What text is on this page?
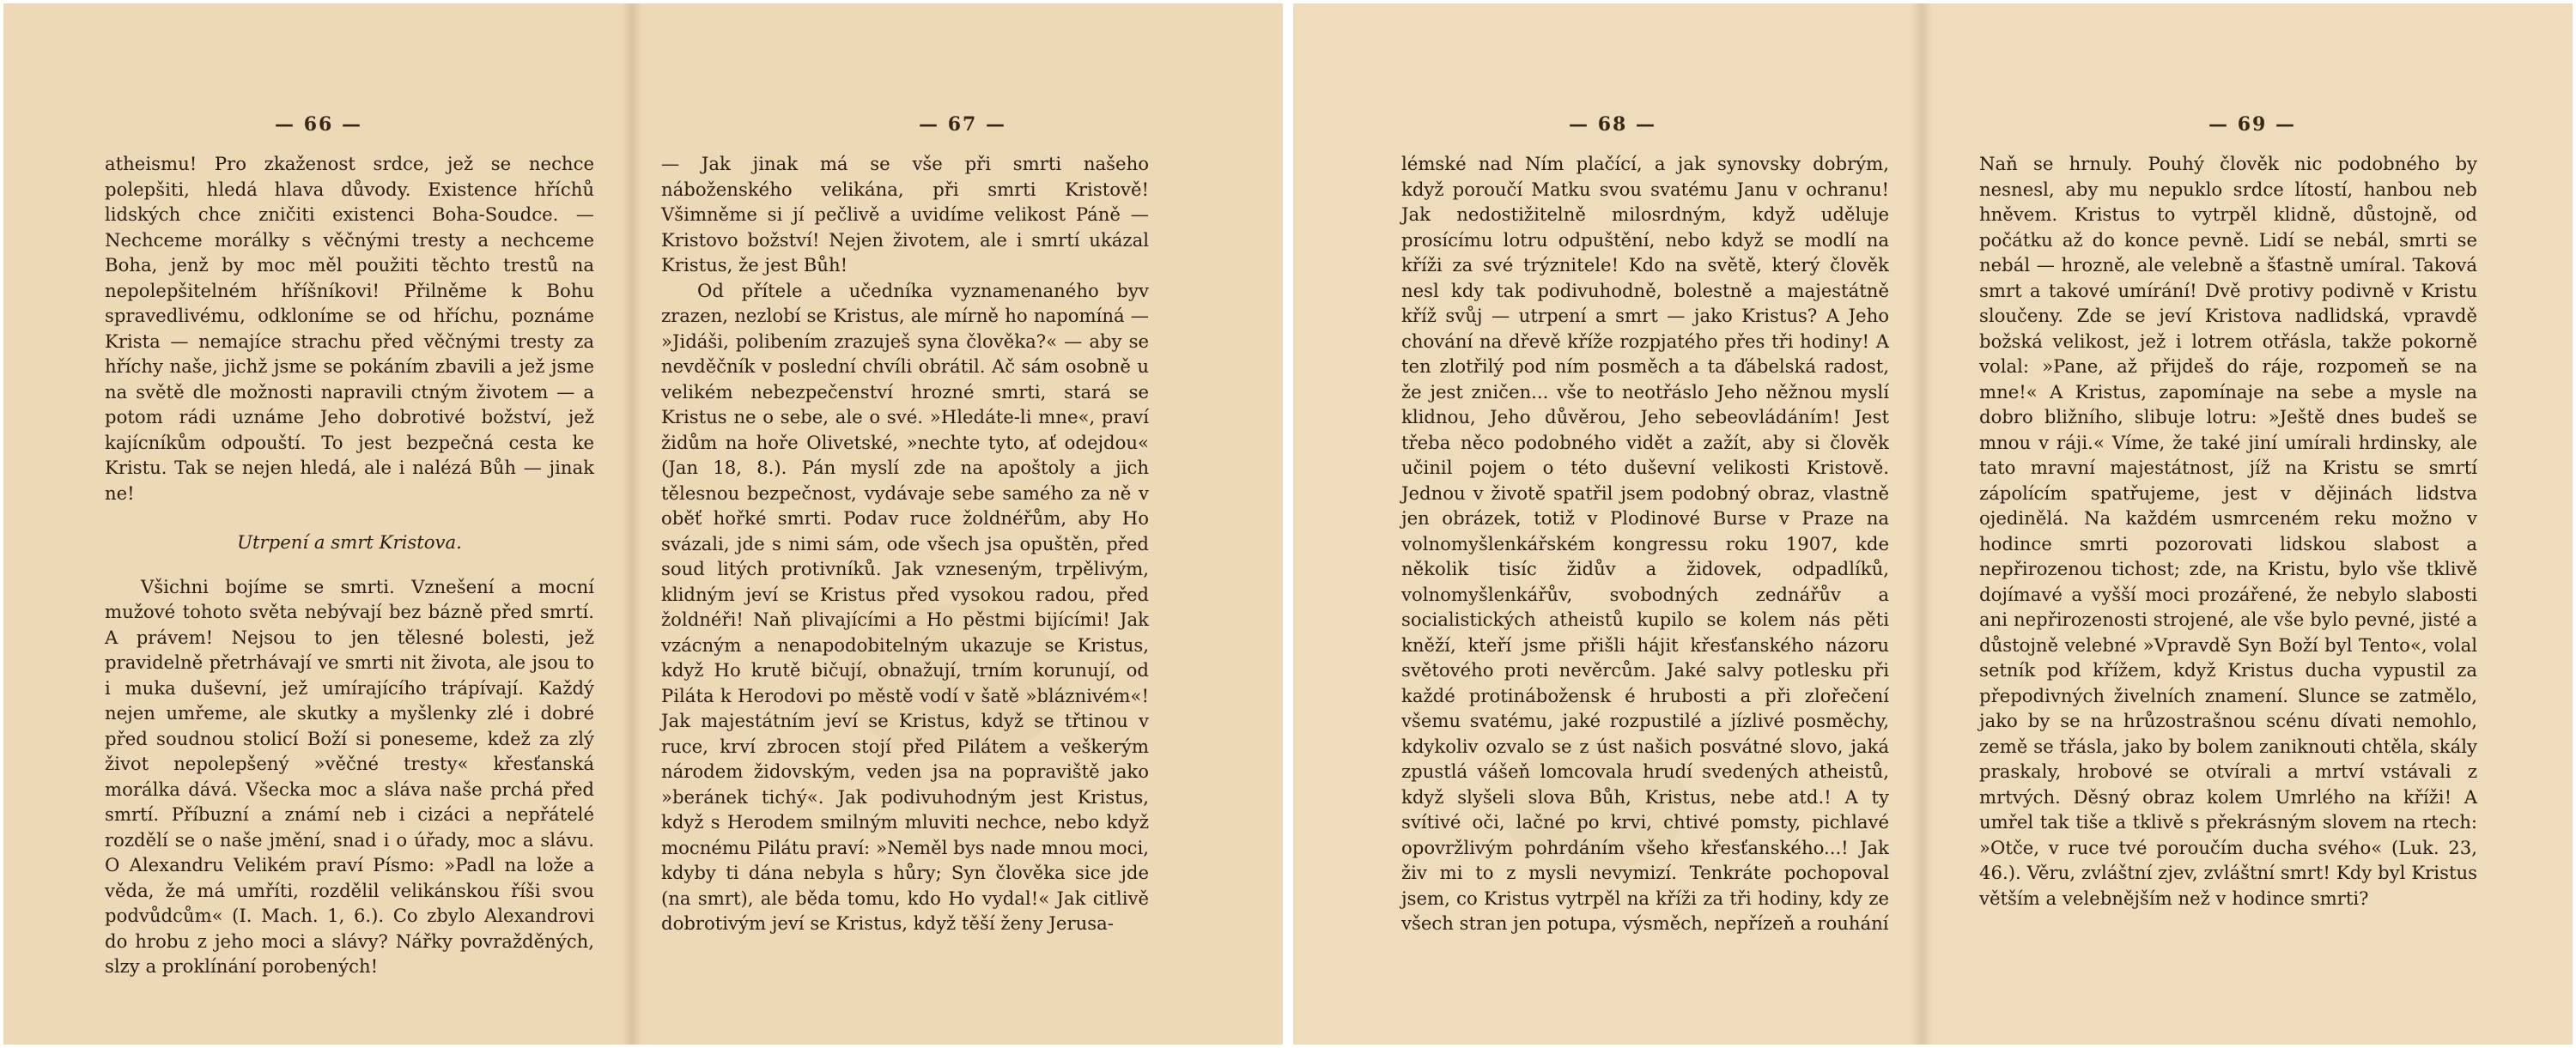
— 66 —

atheismu! Pro zkaženost srdce, jež se nechce polepšiti, hledá hlava důvody. Existence hříchů lidských chce zničiti existenci Boha-Soudce. — Nechceme morálky s věčnými tresty a nechceme Boha, jenž by moc měl použiti těchto trestů na nepolepšitelném hříšníkovi! Přilněme k Bohu spravedlivému, odkloníme se od hříchu, poznáme Krista — nemajíce strachu před věčnými tresty za hříchy naše, jichž jsme se pokáním zbavili a jež jsme na světě dle možnosti napravili ctným životem — a potom rádi uznáme Jeho dobrotivé božství, jež kajícníkům odpouští. To jest bezpečná cesta ke Kristu. Tak se nejen hledá, ale i nalézá Bůh — jinak ne!

Utrpení a smrt Kristova.

Všichni bojíme se smrti. Vznešení a mocní mužové tohoto světa nebývají bez bázně před smrtí. A právem! Nejsou to jen tělesné bolesti, jež pravidelně přetrhávají ve smrti nit života, ale jsou to i muka duševní, jež umírajícího trápívají. Každý nejen umřeme, ale skutky a myšlenky zlé i dobré před soudnou stolicí Boží si poneseme, kdež za zlý život nepolepšený »věčné tresty« křesťanská morálka dává. Všecka moc a sláva naše prchá před smrtí. Příbuzní a známí neb i cizáci a nepřátelé rozdělí se o naše jmění, snad i o úřady, moc a slávu. O Alexandru Velikém praví Písmo: »Padl na lože a věda, že má umříti, rozdělil velikánskou říši svou podvůdcům« (I. Mach. 1, 6.). Co zbylo Alexandrovi do hrobu z jeho moci a slávy? Nářky povražděných, slzy a proklínání porobených!

— 67 —

— Jak jinak má se vše při smrti našeho náboženského velikána, při smrti Kristově! Všimněme si jí pečlivě a uvidíme velikost Páně — Kristovo božství! Nejen životem, ale i smrtí ukázal Kristus, že jest Bůh!

Od přítele a učedníka vyznamenaného byv zrazen, nezlobí se Kristus, ale mírně ho napomíná — »Jidáši, polibením zrazuješ syna člověka?« — aby se nevděčník v poslední chvíli obrátil. Ač sám osobně u velikém nebezpečenství hrozné smrti, stará se Kristus ne o sebe, ale o své. »Hledáte-li mne«, praví židům na hoře Olivetské, »nechte tyto, ať odejdou« (Jan 18, 8.). Pán myslí zde na apoštoly a jich tělesnou bezpečnost, vydávaje sebe samého za ně v oběť hořké smrti. Podav ruce žoldnéřům, aby Ho svázali, jde s nimi sám, ode všech jsa opuštěn, před soud litých protivníků. Jak vzneseným, trpělivým, klidným jeví se Kristus před vysokou radou, před žoldnéři! Naň plivajícími a Ho pěstmi bijícími! Jak vzácným a nenapodobitelným ukazuje se Kristus, když Ho krutě bičují, obnažují, trním korunují, od Piláta k Herodovi po městě vodí v šatě »bláznivém«! Jak majestátním jeví se Kristus, když se třtinou v ruce, krví zbrocen stojí před Pilátem a veškerým národem židovským, veden jsa na popraviště jako »beránek tichý«. Jak podivuhodným jest Kristus, když s Herodem smilným mluviti nechce, nebo když mocnému Pilátu praví: »Neměl bys nade mnou moci, kdyby ti dána nebyla s hůry; Syn člověka sice jde (na smrt), ale běda tomu, kdo Ho vydal!« Jak citlivě dobrotivým jeví se Kristus, když těší ženy Jerusa-

— 68 —

lémské nad Ním plačící, a jak synovsky dobrým, když poroučí Matku svou svatému Janu v ochranu! Jak nedostižitelně milosrdným, když uděluje prosícímu lotru odpuštění, nebo když se modlí na kříži za své trýznitele! Kdo na světě, který člověk nesl kdy tak podivuhodně, bolestně a majestátně kříž svůj — utrpení a smrt — jako Kristus? A Jeho chování na dřevě kříže rozpjatého přes tři hodiny! A ten zlotřilý pod ním posměch a ta ďábelská radost, že jest zničen... vše to neotřáslo Jeho něžnou myslí klidnou, Jeho důvěrou, Jeho sebeovládáním! Jest třeba něco podobného vidět a zažít, aby si člověk učinil pojem o této duševní velikosti Kristově. Jednou v životě spatřil jsem podobný obraz, vlastně jen obrázek, totiž v Plodinové Burse v Praze na volnomyšlenkářském kongressu roku 1907, kde několik tisíc židův a židovek, odpadlíků, volnomyšlenkářův, svobodných zednářův a socialistických atheistů kupilo se kolem nás pěti kněží, kteří jsme přišli hájit křesťanského názoru světového proti nevěrcům. Jaké salvy potlesku při každé protinábožensk é hrubosti a při zlořečení všemu svatému, jaké rozpustilé a jízlivé posměchy, kdykoliv ozvalo se z úst našich posvátné slovo, jaká zpustlá vášeň lomcovala hrudí svedených atheistů, když slyšeli slova Bůh, Kristus, nebe atd.! A ty svítivé oči, lačné po krvi, chtivé pomsty, pichlavé opovržlivým pohrdáním všeho křesťanského...! Jak živ mi to z mysli nevymizí. Tenkráte pochopoval jsem, co Kristus vytrpěl na kříži za tři hodiny, kdy ze všech stran jen potupa, výsměch, nepřízeň a rouhání

— 69 —

Naň se hrnuly. Pouhý člověk nic podobného by nesnesl, aby mu nepuklo srdce lítostí, hanbou neb hněvem. Kristus to vytrpěl klidně, důstojně, od počátku až do konce pevně. Lidí se nebál, smrti se nebál — hrozně, ale velebně a šťastně umíral. Taková smrt a takové umírání! Dvě protivy podivně v Kristu sloučeny. Zde se jeví Kristova nadlidská, vpravdě božská velikost, jež i lotrem otřásla, takže pokorně volal: »Pane, až přijdeš do ráje, rozpomeň se na mne!« A Kristus, zapomínaje na sebe a mysle na dobro bližního, slibuje lotru: »Ještě dnes budeš se mnou v ráji.« Víme, že také jiní umírali hrdinsky, ale tato mravní majestátnost, jíž na Kristu se smrtí zápolícím spatřujeme, jest v dějinách lidstva ojedinělá. Na každém usmrceném reku možno v hodince smrti pozorovati lidskou slabost a nepřirozenou tichost; zde, na Kristu, bylo vše tklivě dojímavé a vyšší moci prozářené, že nebylo slabosti ani nepřirozenosti strojené, ale vše bylo pevné, jisté a důstojně velebné »Vpravdě Syn Boží byl Tento«, volal setník pod křížem, když Kristus ducha vypustil za přepodivných živelních znamení. Slunce se zatmělo, jako by se na hrůzostrašnou scénu dívati nemohlo, země se třásla, jako by bolem zaniknouti chtěla, skály praskaly, hrobové se otvírali a mrtví vstávali z mrtvých. Děsný obraz kolem Umrlého na kříži! A umřel tak tiše a tklivě s překrásným slovem na rtech: »Otče, v ruce tvé poroučím ducha svého« (Luk. 23, 46.). Věru, zvláštní zjev, zvláštní smrt! Kdy byl Kristus větším a velebnějším než v hodince smrti?
